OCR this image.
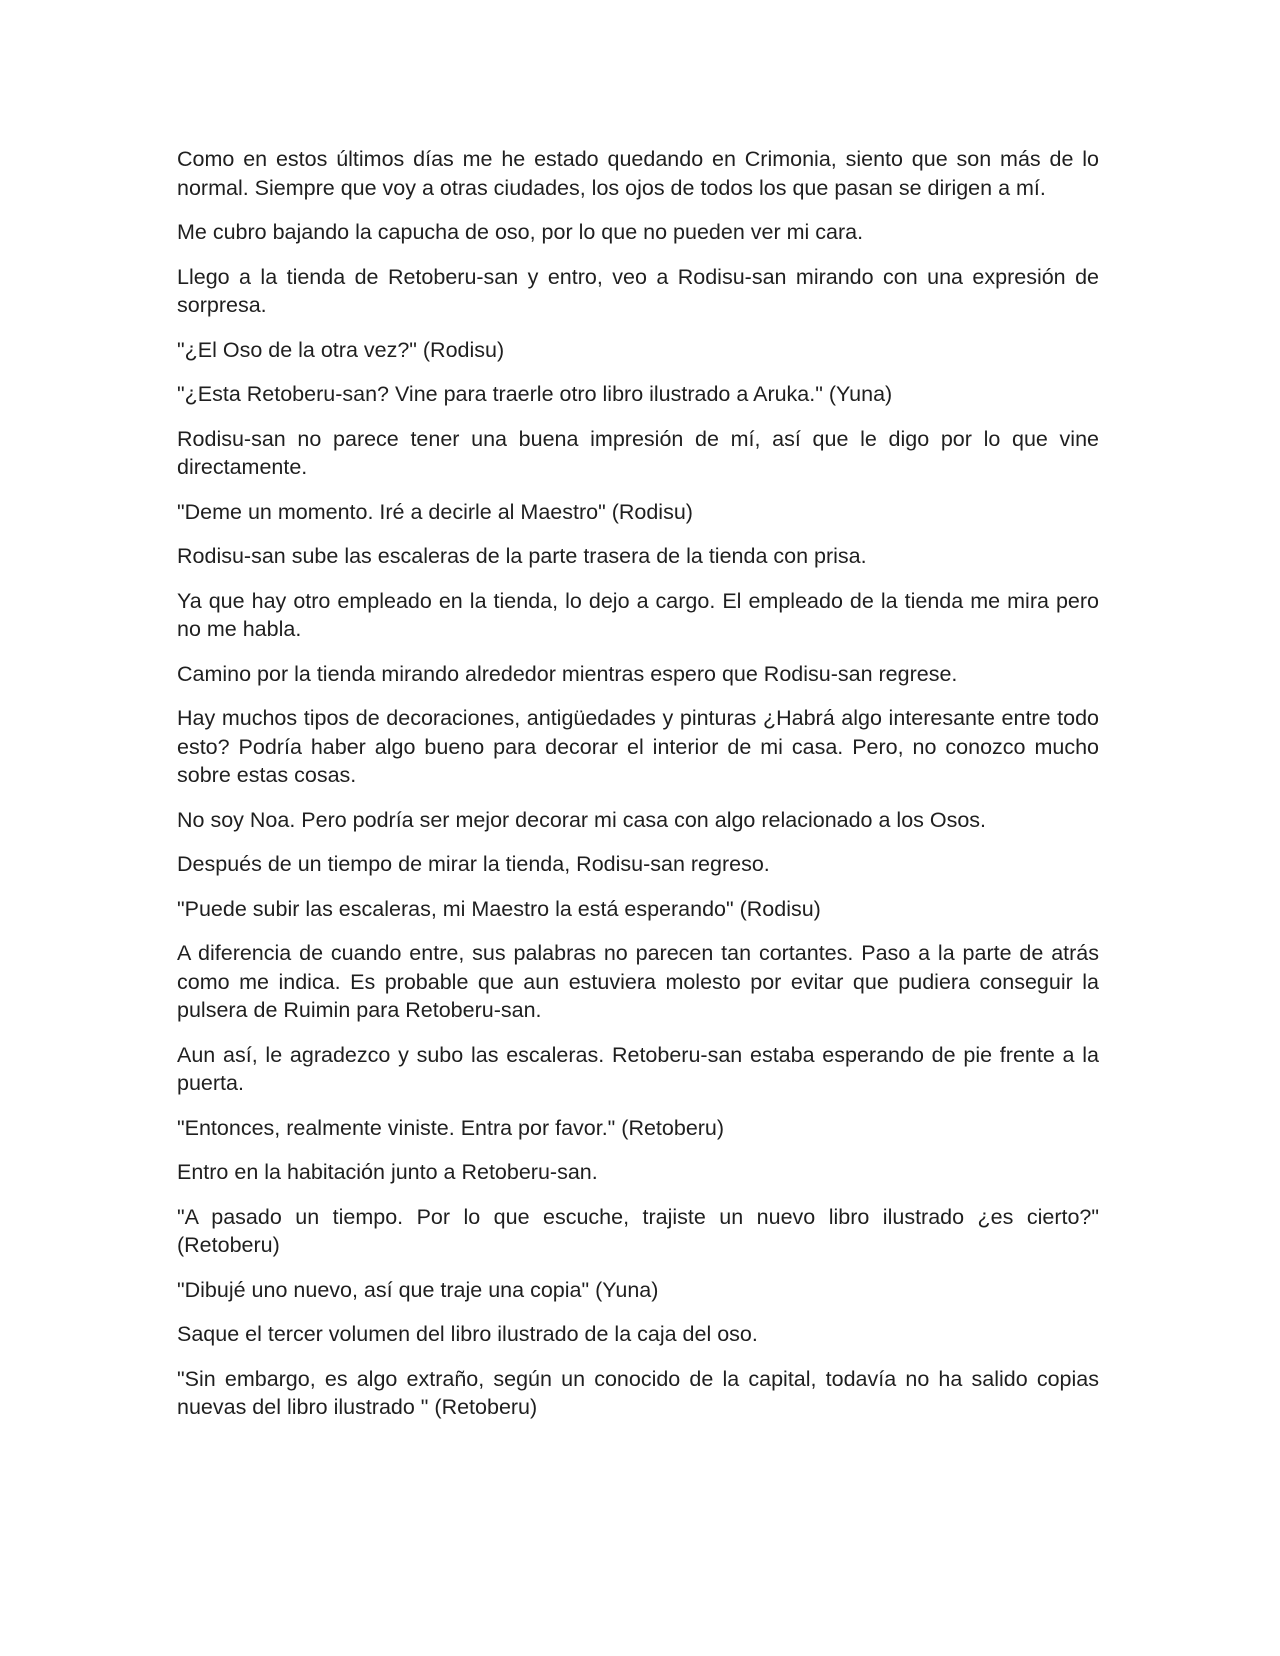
Como en estos últimos días me he estado quedando en Crimonia, siento que son más de lo normal. Siempre que voy a otras ciudades, los ojos de todos los que pasan se dirigen a mí.

Me cubro bajando la capucha de oso, por lo que no pueden ver mi cara.

Llego a la tienda de Retoberu-san y entro, veo a Rodisu-san mirando con una expresión de sorpresa.

"¿El Oso de la otra vez?" (Rodisu)

"¿Esta Retoberu-san? Vine para traerle otro libro ilustrado a Aruka." (Yuna)

Rodisu-san no parece tener una buena impresión de mí, así que le digo por lo que vine directamente.

"Deme un momento. Iré a decirle al Maestro" (Rodisu)

Rodisu-san sube las escaleras de la parte trasera de la tienda con prisa.

Ya que hay otro empleado en la tienda, lo dejo a cargo. El empleado de la tienda me mira pero no me habla.

Camino por la tienda mirando alrededor mientras espero que Rodisu-san regrese.

Hay muchos tipos de decoraciones, antigüedades y pinturas ¿Habrá algo interesante entre todo esto? Podría haber algo bueno para decorar el interior de mi casa. Pero, no conozco mucho sobre estas cosas.

No soy Noa. Pero podría ser mejor decorar mi casa con algo relacionado a los Osos.

Después de un tiempo de mirar la tienda, Rodisu-san regreso.

"Puede subir las escaleras, mi Maestro la está esperando" (Rodisu)

A diferencia de cuando entre, sus palabras no parecen tan cortantes. Paso a la parte de atrás como me indica. Es probable que aun estuviera molesto por evitar que pudiera conseguir la pulsera de Ruimin para Retoberu-san.

Aun así, le agradezco y subo las escaleras. Retoberu-san estaba esperando de pie frente a la puerta.

"Entonces, realmente viniste. Entra por favor." (Retoberu)

Entro en la habitación junto a Retoberu-san.

"A pasado un tiempo. Por lo que escuche, trajiste un nuevo libro ilustrado ¿es cierto?" (Retoberu)

"Dibujé uno nuevo, así que traje una copia" (Yuna)

Saque el tercer volumen del libro ilustrado de la caja del oso.

"Sin embargo, es algo extraño, según un conocido de la capital, todavía no ha salido copias nuevas del libro ilustrado " (Retoberu)
